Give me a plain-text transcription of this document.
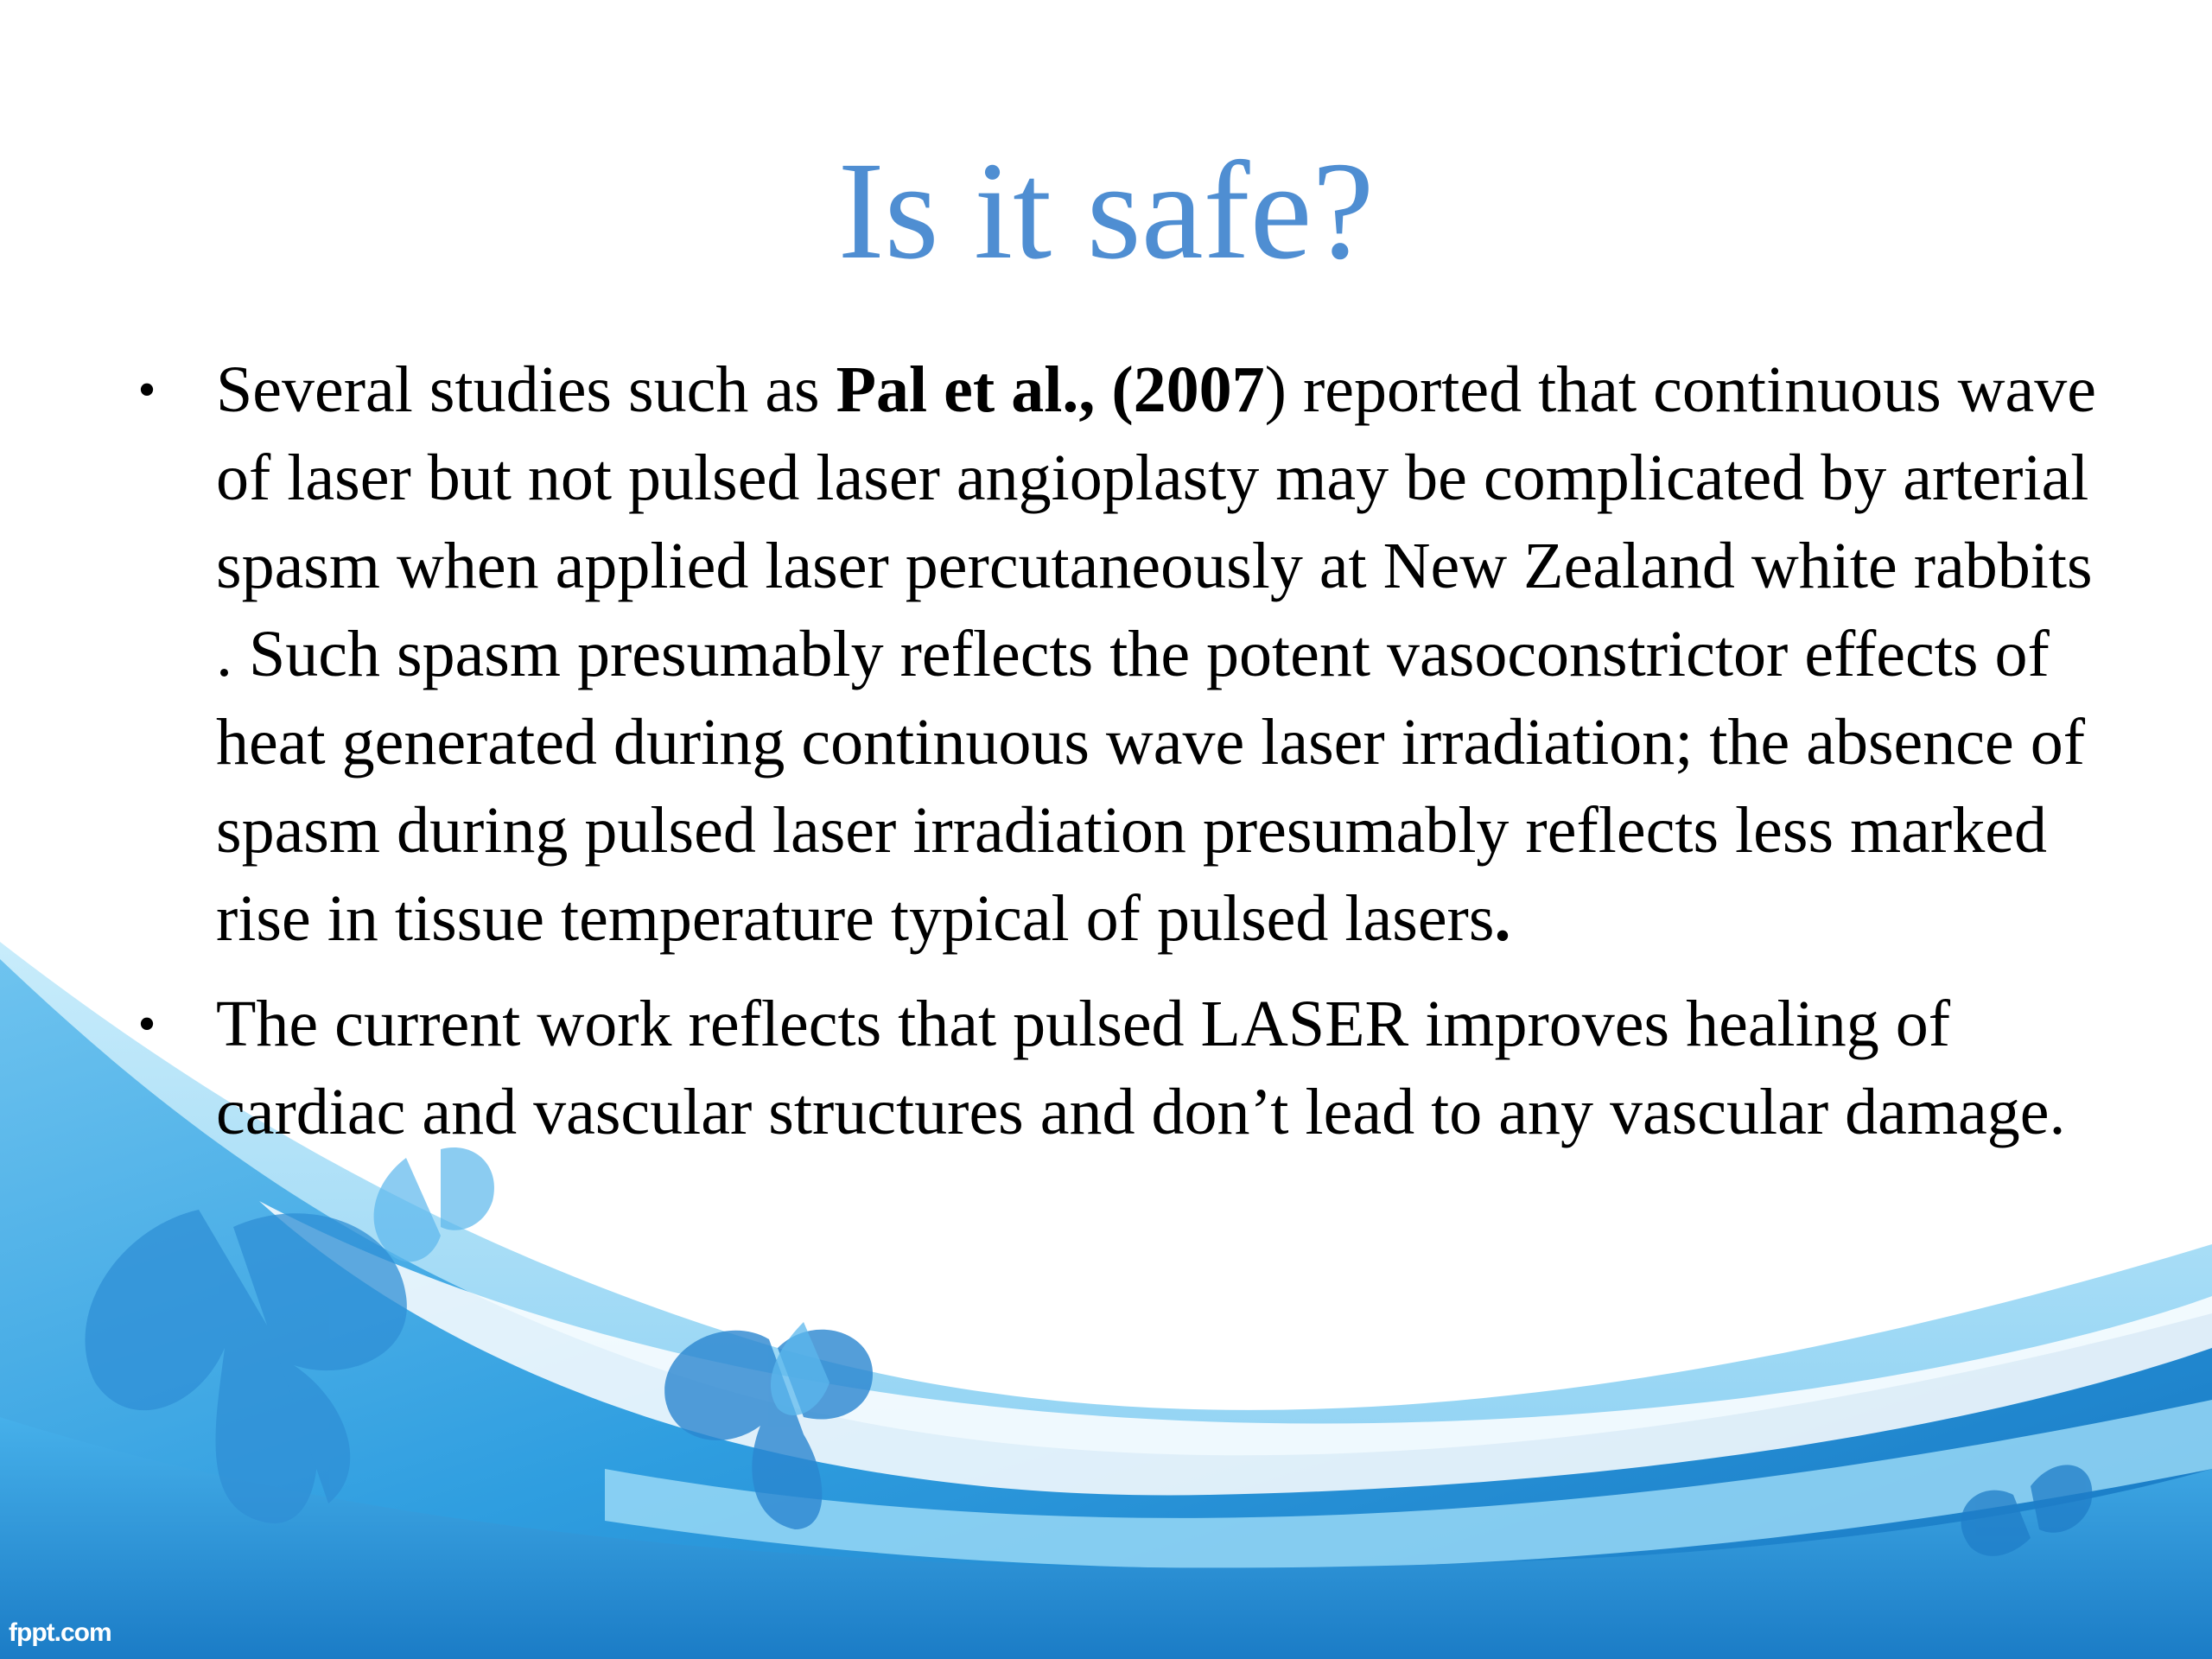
Is it safe?
• Several studies such as Pal et al., (2007) reported that continuous wave of laser but not pulsed laser angioplasty may be complicated by arterial spasm when applied laser percutaneously at New Zealand white rabbits . Such spasm presumably reflects the potent vasoconstrictor effects of heat generated during continuous wave laser irradiation; the absence of spasm during pulsed laser irradiation presumably reflects less marked rise in tissue temperature typical of pulsed lasers.
• The current work reflects that pulsed LASER improves healing of cardiac and vascular structures and don’t lead to any vascular damage.
fppt.com
